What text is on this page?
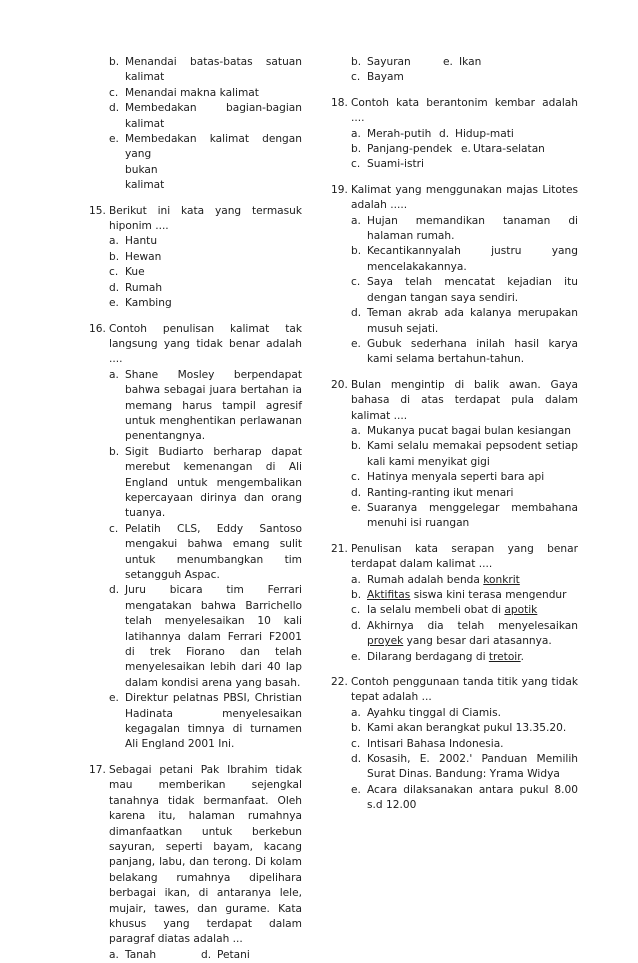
b. Menandai batas-batas satuan kalimat
c. Menandai makna kalimat
d. Membedakan bagian-bagian kalimat
e. Membedakan kalimat dengan yang
bukan
kalimat
15. Berikut ini kata yang termasuk hiponim ....
a. Hantu
b. Hewan
c. Kue
d. Rumah
e. Kambing
16. Contoh penulisan kalimat tak langsung yang tidak benar adalah ....
a. Shane Mosley berpendapat bahwa sebagai juara bertahan ia memang harus tampil agresif untuk menghentikan perlawanan penentangnya.
b. Sigit Budiarto berharap dapat merebut kemenangan di Ali England untuk mengembalikan kepercayaan dirinya dan orang tuanya.
c. Pelatih CLS, Eddy Santoso mengakui bahwa emang sulit untuk menumbangkan tim setangguh Aspac.
d. Juru bicara tim Ferrari mengatakan bahwa Barrichello telah menyelesaikan 10 kali latihannya dalam Ferrari F2001 di trek Fiorano dan telah menyelesaikan lebih dari 40 lap dalam kondisi arena yang basah.
e. Direktur pelatnas PBSI, Christian Hadinata menyelesaikan kegagalan timnya di turnamen Ali England 2001 Ini.
17. Sebagai petani Pak Ibrahim tidak mau memberikan sejengkal tanahnya tidak bermanfaat. Oleh karena itu, halaman rumahnya dimanfaatkan untuk berkebun sayuran, seperti bayam, kacang panjang, labu, dan terong. Di kolam belakang rumahnya dipelihara berbagai ikan, di antaranya lele, mujair, tawes, dan gurame. Kata khusus yang terdapat dalam paragraf diatas adalah ...
a. Tanah	d. Petani
b. Sayuran	e. Ikan
c. Bayam
18. Contoh kata berantonim kembar adalah ....
a. Merah-putih d. Hidup-mati
b. Panjang-pendek e. Utara-selatan
c. Suami-istri
19. Kalimat yang menggunakan majas Litotes adalah .....
a. Hujan memandikan tanaman di halaman rumah.
b. Kecantikannyalah justru yang mencelakakannya.
c. Saya telah mencatat kejadian itu dengan tangan saya sendiri.
d. Teman akrab ada kalanya merupakan musuh sejati.
e. Gubuk sederhana inilah hasil karya kami selama bertahun-tahun.
20. Bulan mengintip di balik awan. Gaya bahasa di atas terdapat pula dalam kalimat ....
a. Mukanya pucat bagai bulan kesiangan
b. Kami selalu memakai pepsodent setiap kali kami menyikat gigi
c. Hatinya menyala seperti bara api
d. Ranting-ranting ikut menari
e. Suaranya menggelegar membahana menuhi isi ruangan
21. Penulisan kata serapan yang benar terdapat dalam kalimat ....
a. Rumah adalah benda konkrit
b. Aktifitas siswa kini terasa mengendur
c. Ia selalu membeli obat di apotik
d. Akhirnya dia telah menyelesaikan proyek yang besar dari atasannya.
e. Dilarang berdagang di tretoir.
22. Contoh penggunaan tanda titik yang tidak tepat adalah ...
a. Ayahku tinggal di Ciamis.
b. Kami akan berangkat pukul 13.35.20.
c. Intisari Bahasa Indonesia.
d. Kosasih, E. 2002.' Panduan Memilih Surat Dinas. Bandung: Yrama Widya
e. Acara dilaksanakan antara pukul 8.00 s.d 12.00
